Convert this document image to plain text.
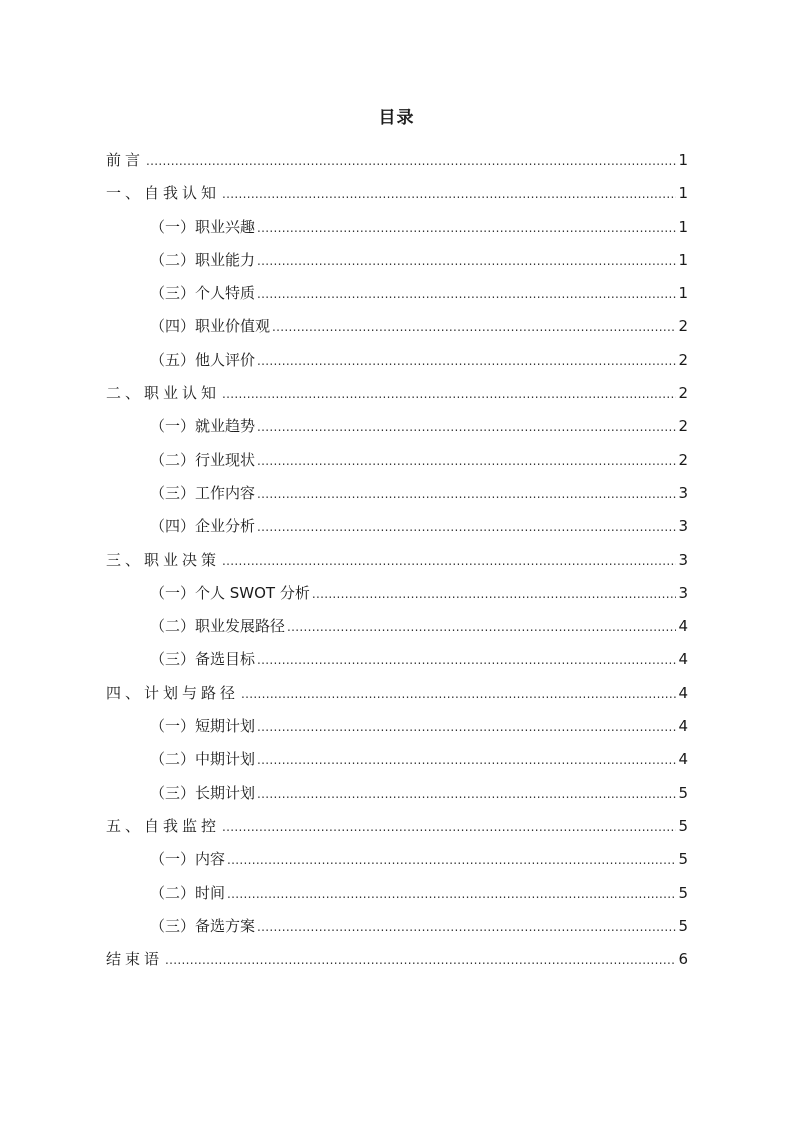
目录
前言 .....	1
一、自我认知 .....	1
（一）职业兴趣 .....	1
（二）职业能力 .....	1
（三）个人特质 .....	1
（四）职业价值观 .....	2
（五）他人评价 .....	2
二、职业认知 .....	2
（一）就业趋势 .....	2
（二）行业现状 .....	2
（三）工作内容 .....	3
（四）企业分析 .....	3
三、职业决策 .....	3
（一）个人 SWOT 分析 .....	3
（二）职业发展路径 .....	4
（三）备选目标 .....	4
四、计划与路径 .....	4
（一）短期计划 .....	4
（二）中期计划 .....	4
（三）长期计划 .....	5
五、自我监控 .....	5
（一）内容 .....	5
（二）时间 .....	5
（三）备选方案 .....	5
结束语 .....	6
